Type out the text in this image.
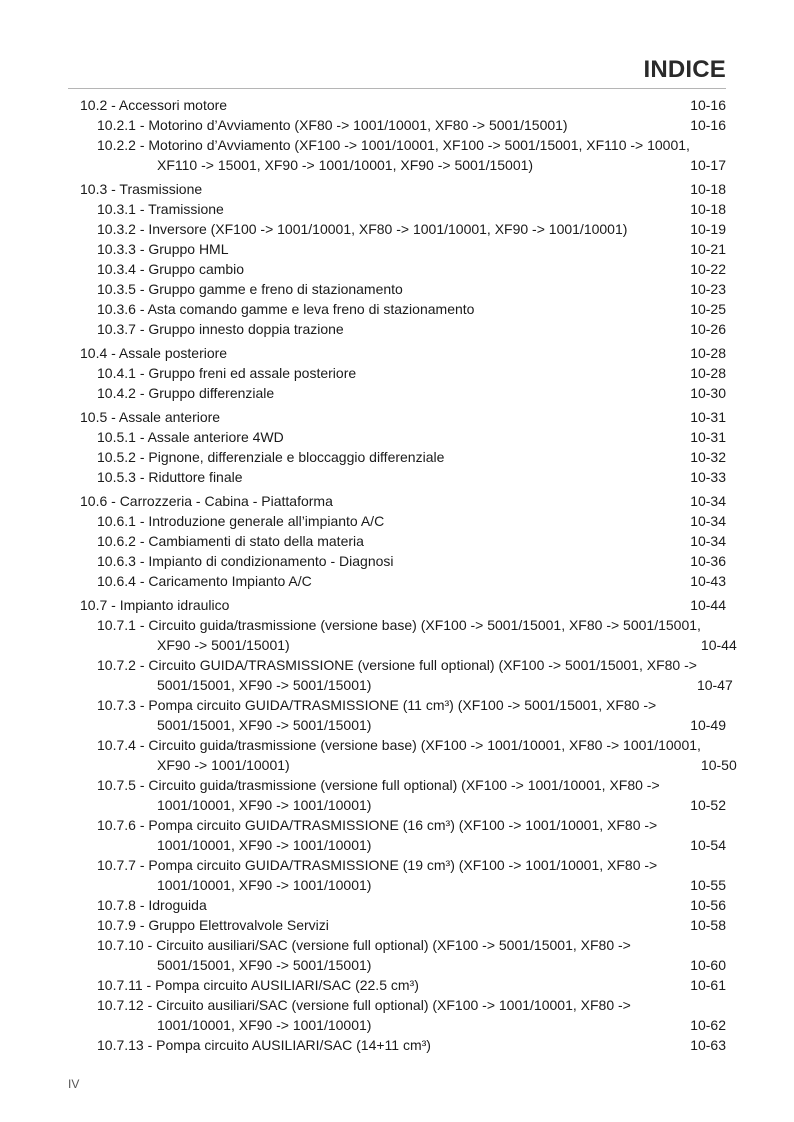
INDICE
10.2 - Accessori motore	10-16
10.2.1 - Motorino d’Avviamento (XF80 -> 1001/10001, XF80 -> 5001/15001)	10-16
10.2.2 - Motorino d’Avviamento (XF100 -> 1001/10001, XF100 -> 5001/15001, XF110 -> 10001,
XF110 -> 15001, XF90 -> 1001/10001, XF90 -> 5001/15001)	10-17
10.3 - Trasmissione	10-18
10.3.1 - Tramissione	10-18
10.3.2 - Inversore (XF100 -> 1001/10001, XF80 -> 1001/10001, XF90 -> 1001/10001)	10-19
10.3.3 - Gruppo HML	10-21
10.3.4 - Gruppo cambio	10-22
10.3.5 - Gruppo gamme e freno di stazionamento	10-23
10.3.6 - Asta comando gamme e leva freno di stazionamento	10-25
10.3.7 - Gruppo innesto doppia trazione	10-26
10.4 - Assale posteriore	10-28
10.4.1 - Gruppo freni ed assale posteriore	10-28
10.4.2 - Gruppo differenziale	10-30
10.5 - Assale anteriore	10-31
10.5.1 - Assale anteriore 4WD	10-31
10.5.2 - Pignone, differenziale e bloccaggio differenziale	10-32
10.5.3 - Riduttore finale	10-33
10.6 - Carrozzeria - Cabina - Piattaforma	10-34
10.6.1 - Introduzione generale all’impianto A/C	10-34
10.6.2 - Cambiamenti di stato della materia	10-34
10.6.3 - Impianto di condizionamento - Diagnosi	10-36
10.6.4 - Caricamento Impianto A/C	10-43
10.7 - Impianto idraulico	10-44
10.7.1 - Circuito guida/trasmissione (versione base) (XF100 -> 5001/15001, XF80 -> 5001/15001,
XF90 -> 5001/15001)	10-44
10.7.2 - Circuito GUIDA/TRASMISSIONE (versione full optional) (XF100 -> 5001/15001, XF80 ->
5001/15001, XF90 -> 5001/15001)	10-47
10.7.3 - Pompa circuito GUIDA/TRASMISSIONE (11 cm³) (XF100 -> 5001/15001, XF80 ->
5001/15001, XF90 -> 5001/15001)	10-49
10.7.4 - Circuito guida/trasmissione (versione base) (XF100 -> 1001/10001, XF80 -> 1001/10001,
XF90 -> 1001/10001)	10-50
10.7.5 - Circuito guida/trasmissione (versione full optional) (XF100 -> 1001/10001, XF80 ->
1001/10001, XF90 -> 1001/10001)	10-52
10.7.6 - Pompa circuito GUIDA/TRASMISSIONE (16 cm³) (XF100 -> 1001/10001, XF80 ->
1001/10001, XF90 -> 1001/10001)	10-54
10.7.7 - Pompa circuito GUIDA/TRASMISSIONE (19 cm³) (XF100 -> 1001/10001, XF80 ->
1001/10001, XF90 -> 1001/10001)	10-55
10.7.8 - Idroguida	10-56
10.7.9 - Gruppo Elettrovalvole Servizi	10-58
10.7.10 - Circuito ausiliari/SAC (versione full optional) (XF100 -> 5001/15001, XF80 ->
5001/15001, XF90 -> 5001/15001)	10-60
10.7.11 - Pompa circuito AUSILIARI/SAC (22.5 cm³)	10-61
10.7.12 - Circuito ausiliari/SAC (versione full optional) (XF100 -> 1001/10001, XF80 ->
1001/10001, XF90 -> 1001/10001)	10-62
10.7.13 - Pompa circuito AUSILIARI/SAC (14+11 cm³)	10-63
IV
